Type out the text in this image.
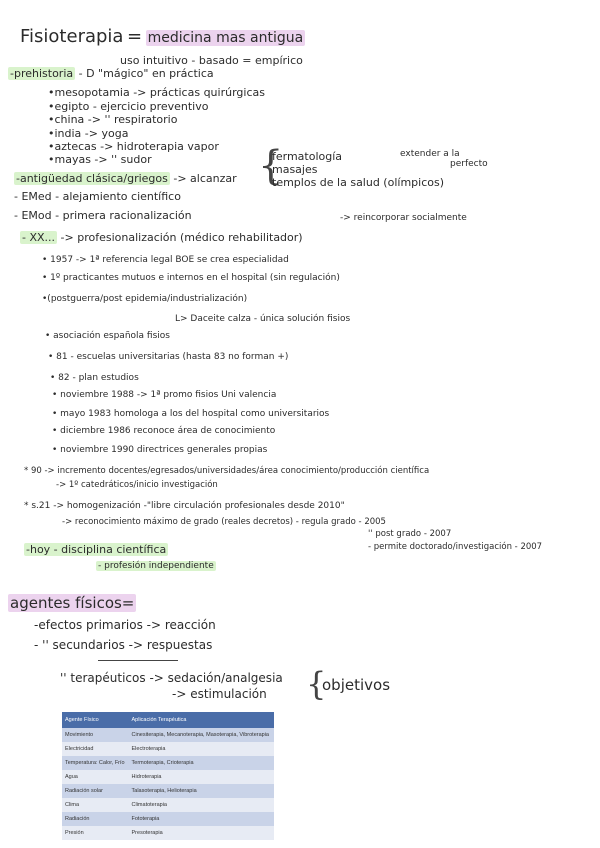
Fisioterapia = medicina mas antigua
uso intuitivo - basado = empírico
-prehistoria - D "mágico" en práctica
•mesopotamia -> prácticas quirúrgicas
•egipto - ejercicio preventivo
•china -> '' respiratorio
•india -> yoga
•aztecas -> hidroterapia vapor
•mayas -> '' sudor
-antigüedad clásica/griegos -> alcanzar {
fermatología
masajes
templos de la salud (olímpicos)
extender a la
perfecto
- EMed - alejamiento científico
- EMod - primera racionalización	-> reincorporar socialmente
- XX... -> profesionalización (médico rehabilitador)
• 1957 -> 1ª referencia legal BOE se crea especialidad
• 1º practicantes mutuos e internos en el hospital (sin regulación)
•(postguerra/post epidemia/industrialización)
L> Daceite calza - única solución fisios
• asociación española fisios
• 81 - escuelas universitarias (hasta 83 no forman +)
• 82 - plan estudios
• noviembre 1988 -> 1ª promo fisios Uni valencia
• mayo 1983 homologa a los del hospital como universitarios
• diciembre 1986 reconoce área de conocimiento
• noviembre 1990 directrices generales propias
* 90 -> incremento docentes/egresados/universidades/área conocimiento/producción científica
-> 1º catedráticos/inicio investigación
* s.21 -> homogenización -"libre circulación profesionales desde 2010"
-> reconocimiento máximo de grado (reales decretos) - regula grado - 2005
'' post grado - 2007
- permite doctorado/investigación - 2007
-hoy - disciplina científica
- profesión independiente
agentes físicos=
-efectos primarios -> reacción
- '' secundarios -> respuestas
'' terapéuticos -> sedación/analgesia
-> estimulación {
objetivos
Agente Físico	Aplicación Terapéutica
Movimiento	Cinesiterapia, Mecanoterapia, Masoterapia, Vibroterapia
Electricidad	Electroterapia
Temperatura: Calor, Frío	Termoterapia, Crioterapia
Agua	Hidroterapia
Radiación solar	Talasoterapia, Helioterapia
Clima	Climatoterapia
Radiación	Fototerapia
Presión	Presoterapia
